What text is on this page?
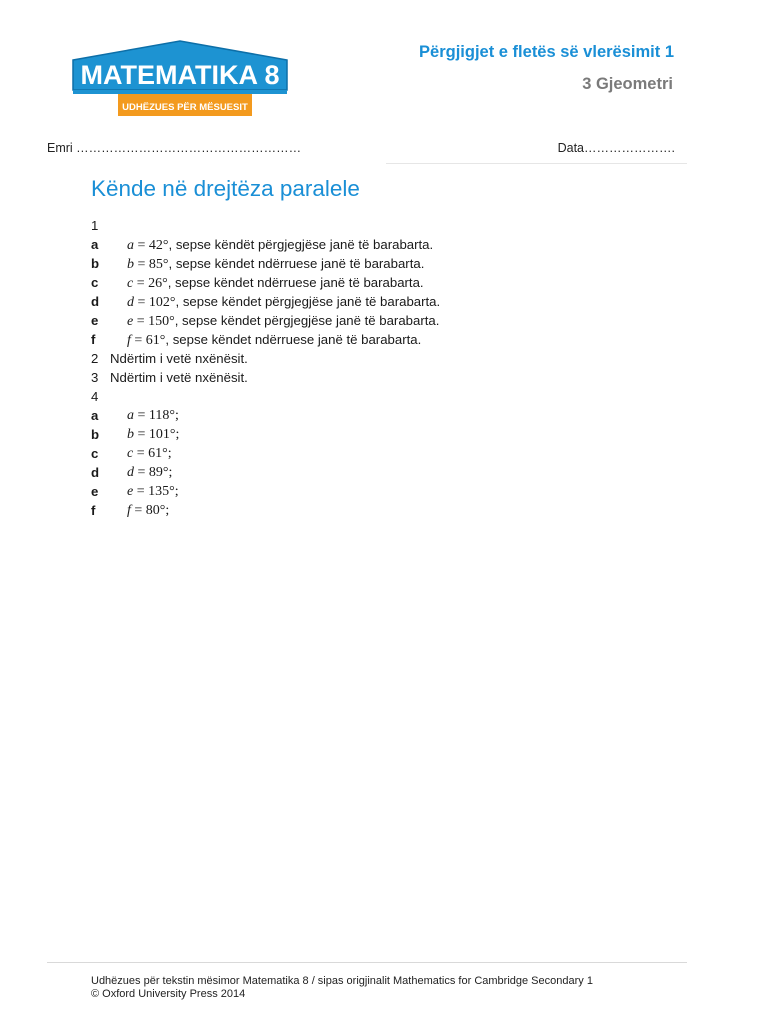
MATEMATIKA 8
UDHËZUES PËR MËSUESIT
Përgjigjet e fletës së vlerësimit 1
3 Gjeometri
Emri ………………………………………………	Data………………….
Kënde në drejtëza paralele
1
a a = 42°, sepse këndët përgjegjëse janë të barabarta.
b b = 85°, sepse këndet ndërruese janë të barabarta.
c c = 26°, sepse këndet ndërruese janë të barabarta.
d d = 102°, sepse këndet përgjegjëse janë të barabarta.
e e = 150°, sepse këndet përgjegjëse janë të barabarta.
f f = 61°, sepse këndet ndërruese janë të barabarta.
2 Ndërtim i vetë nxënësit.
3 Ndërtim i vetë nxënësit.
4
a a = 118°;
b b = 101°;
c c = 61°;
d d = 89°;
e e = 135°;
f f = 80°;
Udhëzues për tekstin mësimor Matematika 8 / sipas origjinalit Mathematics for Cambridge Secondary 1
© Oxford University Press 2014
